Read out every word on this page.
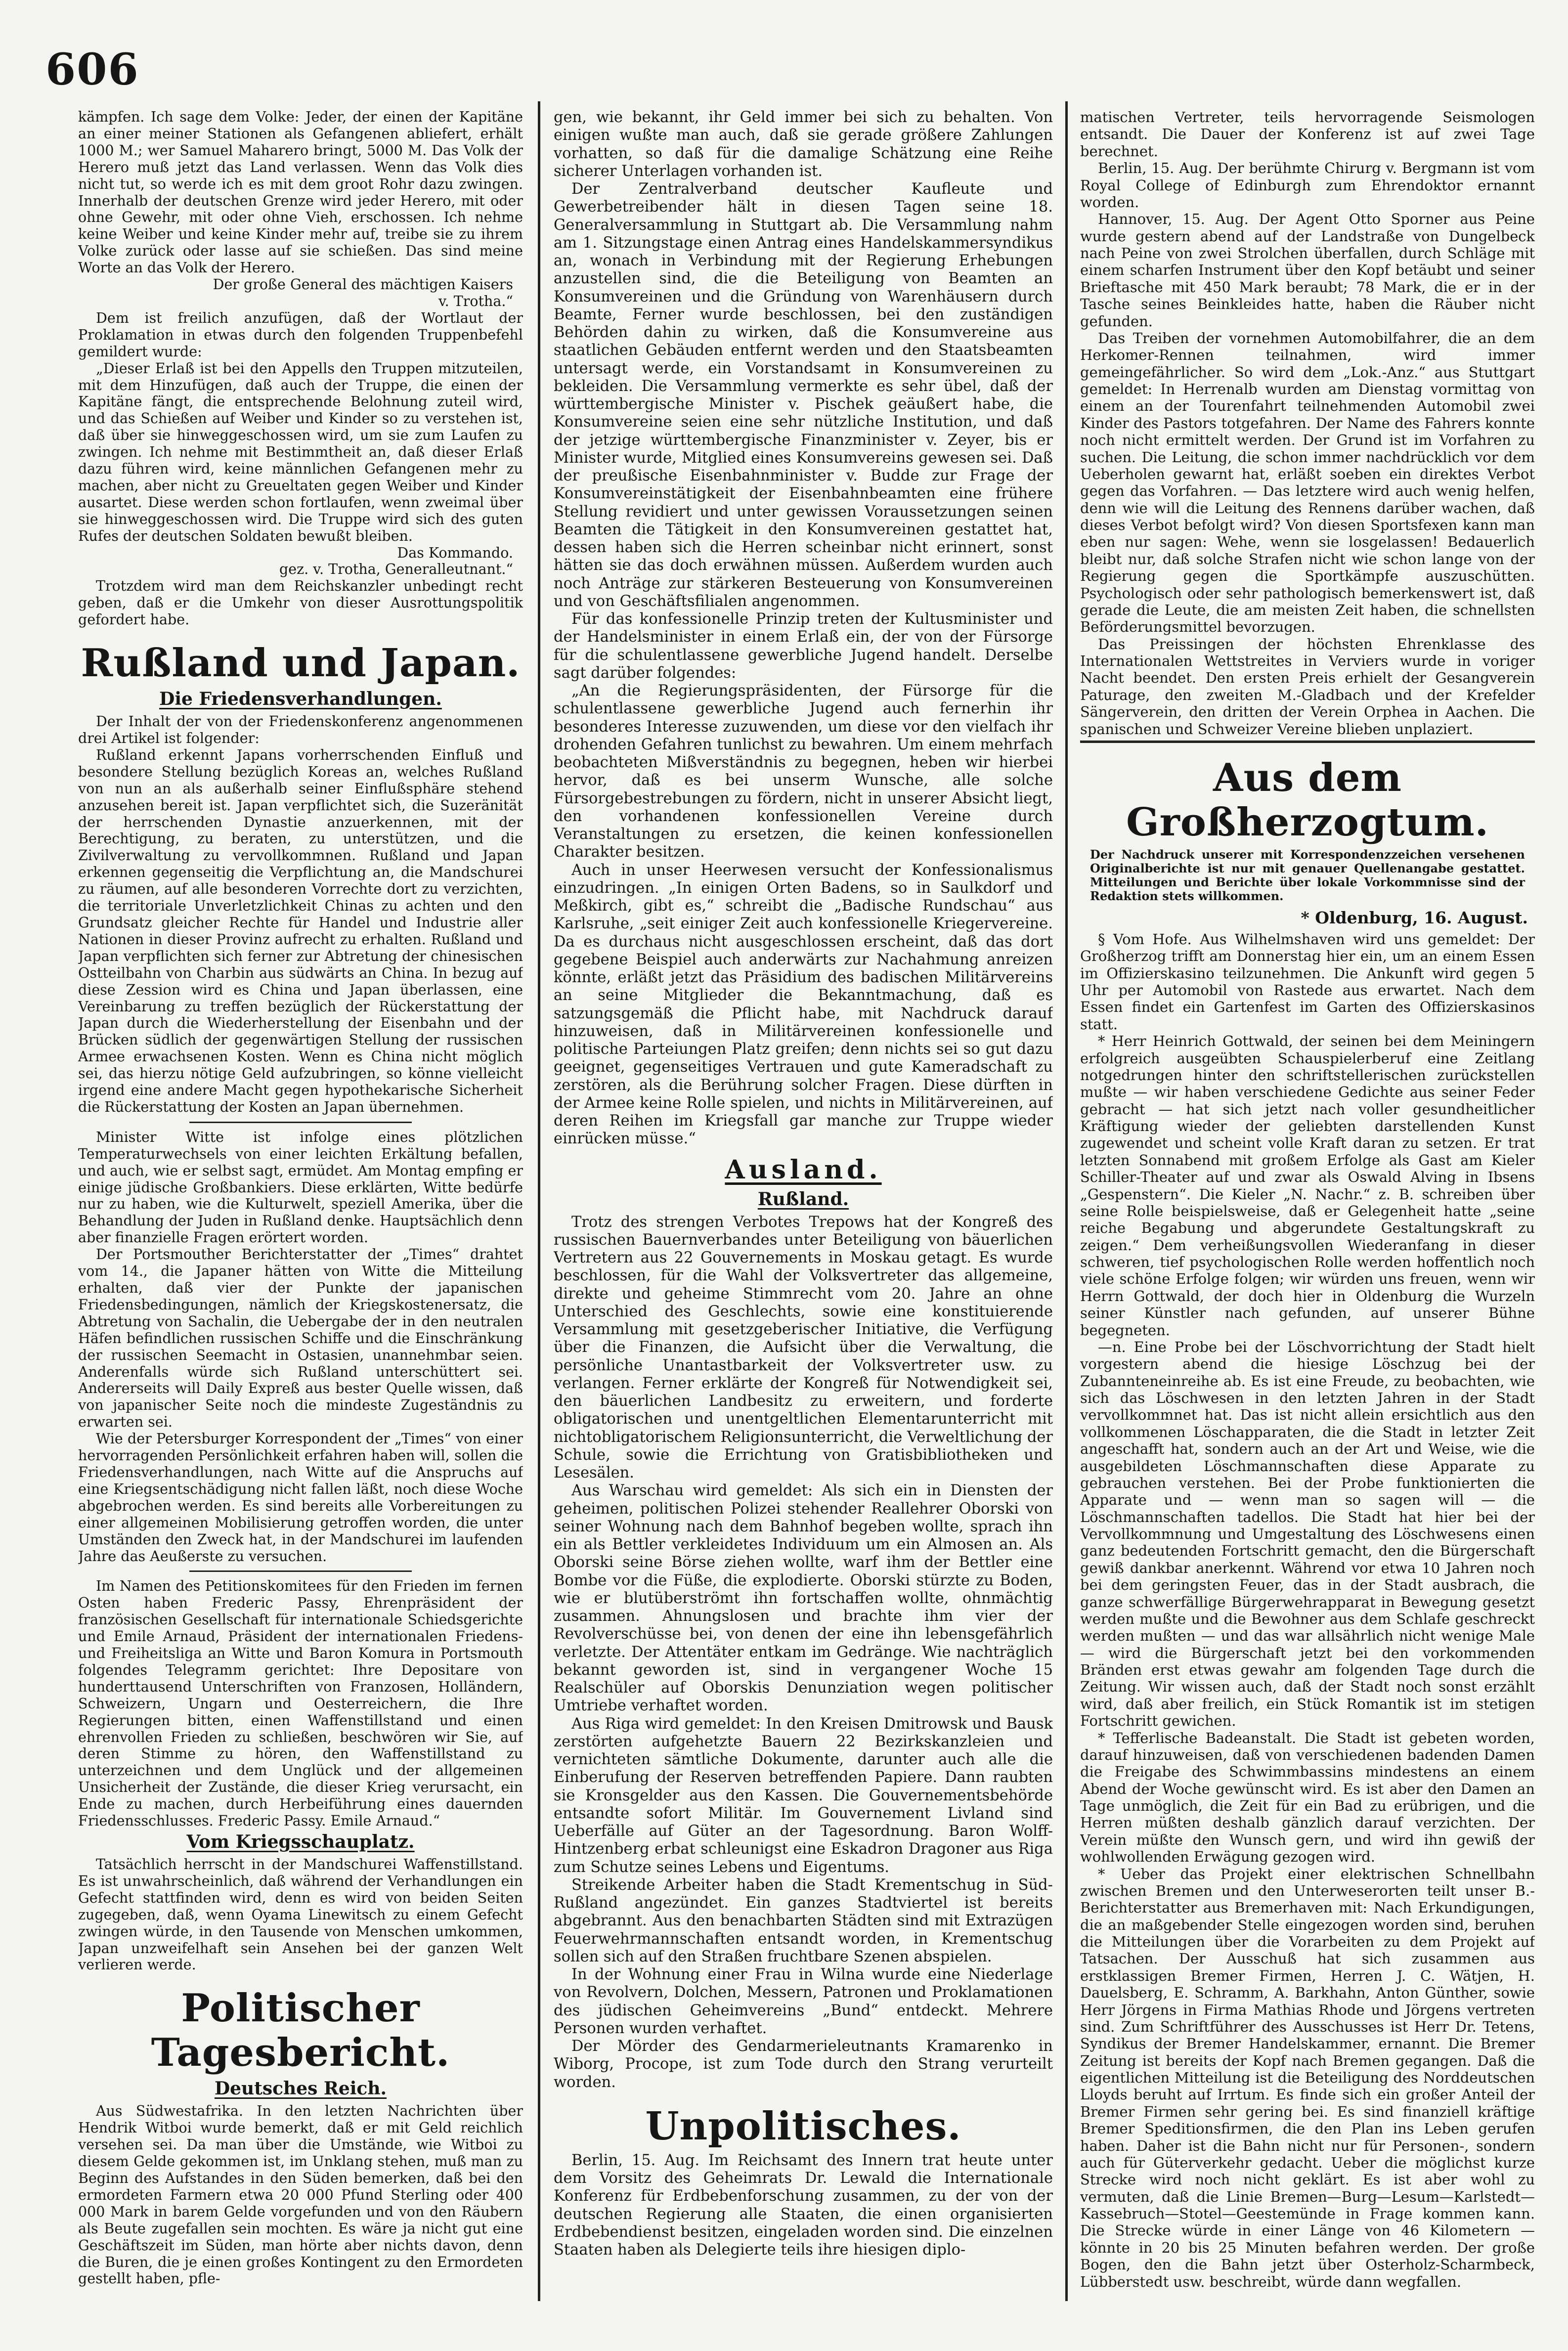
606

kämpfen. Ich sage dem Volke: Jeder, der einen der Kapitäne an einer meiner Stationen als Gefangenen abliefert, erhält 1000 M.; wer Samuel Maharero bringt, 5000 M. Das Volk der Herero muß jetzt das Land verlassen. Wenn das Volk dies nicht tut, so werde ich es mit dem groot Rohr dazu zwingen. Innerhalb der deutschen Grenze wird jeder Herero, mit oder ohne Gewehr, mit oder ohne Vieh, erschossen. Ich nehme keine Weiber und keine Kinder mehr auf, treibe sie zu ihrem Volke zurück oder lasse auf sie schießen. Das sind meine Worte an das Volk der Herero.

Der große General des mächtigen Kaisers

v. Trotha.“

Dem ist freilich anzufügen, daß der Wortlaut der Proklamation in etwas durch den folgenden Truppenbefehl gemildert wurde:

„Dieser Erlaß ist bei den Appells den Truppen mitzuteilen, mit dem Hinzufügen, daß auch der Truppe, die einen der Kapitäne fängt, die entsprechende Belohnung zuteil wird, und das Schießen auf Weiber und Kinder so zu verstehen ist, daß über sie hinweggeschossen wird, um sie zum Laufen zu zwingen. Ich nehme mit Bestimmtheit an, daß dieser Erlaß dazu führen wird, keine männlichen Gefangenen mehr zu machen, aber nicht zu Greueltaten gegen Weiber und Kinder ausartet. Diese werden schon fortlaufen, wenn zweimal über sie hinweggeschossen wird. Die Truppe wird sich des guten Rufes der deutschen Soldaten bewußt bleiben.

Das Kommando.

gez. v. Trotha, Generalleutnant.“

Trotzdem wird man dem Reichskanzler unbedingt recht geben, daß er die Umkehr von dieser Ausrottungspolitik gefordert habe.

Rußland und Japan.
Die Friedensverhandlungen.

Der Inhalt der von der Friedenskonferenz angenommenen drei Artikel ist folgender:

Rußland erkennt Japans vorherrschenden Einfluß und besondere Stellung bezüglich Koreas an, welches Rußland von nun an als außerhalb seiner Einflußsphäre stehend anzusehen bereit ist. Japan verpflichtet sich, die Suzeränität der herrschenden Dynastie anzuerkennen, mit der Berechtigung, zu beraten, zu unterstützen, und die Zivilverwaltung zu vervollkommnen. Rußland und Japan erkennen gegenseitig die Verpflichtung an, die Mandschurei zu räumen, auf alle besonderen Vorrechte dort zu verzichten, die territoriale Unverletzlichkeit Chinas zu achten und den Grundsatz gleicher Rechte für Handel und Industrie aller Nationen in dieser Provinz aufrecht zu erhalten. Rußland und Japan verpflichten sich ferner zur Abtretung der chinesischen Ostteilbahn von Charbin aus südwärts an China. In bezug auf diese Zession wird es China und Japan überlassen, eine Vereinbarung zu treffen bezüglich der Rückerstattung der Japan durch die Wiederherstellung der Eisenbahn und der Brücken südlich der gegenwärtigen Stellung der russischen Armee erwachsenen Kosten. Wenn es China nicht möglich sei, das hierzu nötige Geld aufzubringen, so könne vielleicht irgend eine andere Macht gegen hypothekarische Sicherheit die Rückerstattung der Kosten an Japan übernehmen.

Minister Witte ist infolge eines plötzlichen Temperaturwechsels von einer leichten Erkältung befallen, und auch, wie er selbst sagt, ermüdet. Am Montag empfing er einige jüdische Großbankiers. Diese erklärten, Witte bedürfe nur zu haben, wie die Kulturwelt, speziell Amerika, über die Behandlung der Juden in Rußland denke. Hauptsächlich denn aber finanzielle Fragen erörtert worden.

Der Portsmouther Berichterstatter der „Times“ drahtet vom 14., die Japaner hätten von Witte die Mitteilung erhalten, daß vier der Punkte der japanischen Friedensbedingungen, nämlich der Kriegskostenersatz, die Abtretung von Sachalin, die Uebergabe der in den neutralen Häfen befindlichen russischen Schiffe und die Einschränkung der russischen Seemacht in Ostasien, unannehmbar seien. Anderenfalls würde sich Rußland unterschüttert sei. Andererseits will Daily Expreß aus bester Quelle wissen, daß von japanischer Seite noch die mindeste Zugeständnis zu erwarten sei.

Wie der Petersburger Korrespondent der „Times“ von einer hervorragenden Persönlichkeit erfahren haben will, sollen die Friedensverhandlungen, nach Witte auf die Anspruchs auf eine Kriegsentschädigung nicht fallen läßt, noch diese Woche abgebrochen werden. Es sind bereits alle Vorbereitungen zu einer allgemeinen Mobilisierung getroffen worden, die unter Umständen den Zweck hat, in der Mandschurei im laufenden Jahre das Aeußerste zu versuchen.

Im Namen des Petitionskomitees für den Frieden im fernen Osten haben Frederic Passy, Ehrenpräsident der französischen Gesellschaft für internationale Schiedsgerichte und Emile Arnaud, Präsident der internationalen Friedens- und Freiheitsliga an Witte und Baron Komura in Portsmouth folgendes Telegramm gerichtet: Ihre Depositare von hunderttausend Unterschriften von Franzosen, Holländern, Schweizern, Ungarn und Oesterreichern, die Ihre Regierungen bitten, einen Waffenstillstand und einen ehrenvollen Frieden zu schließen, beschwören wir Sie, auf deren Stimme zu hören, den Waffenstillstand zu unterzeichnen und dem Unglück und der allgemeinen Unsicherheit der Zustände, die dieser Krieg verursacht, ein Ende zu machen, durch Herbeiführung eines dauernden Friedensschlusses. Frederic Passy. Emile Arnaud.“

Vom Kriegsschauplatz.

Tatsächlich herrscht in der Mandschurei Waffenstillstand. Es ist unwahrscheinlich, daß während der Verhandlungen ein Gefecht stattfinden wird, denn es wird von beiden Seiten zugegeben, daß, wenn Oyama Linewitsch zu einem Gefecht zwingen würde, in den Tausende von Menschen umkommen, Japan unzweifelhaft sein Ansehen bei der ganzen Welt verlieren werde.

Politischer Tagesbericht.
Deutsches Reich.

Aus Südwestafrika. In den letzten Nachrichten über Hendrik Witboi wurde bemerkt, daß er mit Geld reichlich versehen sei. Da man über die Umstände, wie Witboi zu diesem Gelde gekommen ist, im Unklang stehen, muß man zu Beginn des Aufstandes in den Süden bemerken, daß bei den ermordeten Farmern etwa 20 000 Pfund Sterling oder 400 000 Mark in barem Gelde vorgefunden und von den Räubern als Beute zugefallen sein mochten. Es wäre ja nicht gut eine Geschäftszeit im Süden, man hörte aber nichts davon, denn die Buren, die je einen großes Kontingent zu den Ermordeten gestellt haben, pfle-

gen, wie bekannt, ihr Geld immer bei sich zu behalten. Von einigen wußte man auch, daß sie gerade größere Zahlungen vorhatten, so daß für die damalige Schätzung eine Reihe sicherer Unterlagen vorhanden ist.

Der Zentralverband deutscher Kaufleute und Gewerbetreibender hält in diesen Tagen seine 18. Generalversammlung in Stuttgart ab. Die Versammlung nahm am 1. Sitzungstage einen Antrag eines Handelskammersyndikus an, wonach in Verbindung mit der Regierung Erhebungen anzustellen sind, die die Beteiligung von Beamten an Konsumvereinen und die Gründung von Warenhäusern durch Beamte, Ferner wurde beschlossen, bei den zuständigen Behörden dahin zu wirken, daß die Konsumvereine aus staatlichen Gebäuden entfernt werden und den Staatsbeamten untersagt werde, ein Vorstandsamt in Konsumvereinen zu bekleiden. Die Versammlung vermerkte es sehr übel, daß der württembergische Minister v. Pischek geäußert habe, die Konsumvereine seien eine sehr nützliche Institution, und daß der jetzige württembergische Finanzminister v. Zeyer, bis er Minister wurde, Mitglied eines Konsumvereins gewesen sei. Daß der preußische Eisenbahnminister v. Budde zur Frage der Konsumvereinstätigkeit der Eisenbahnbeamten eine frühere Stellung revidiert und unter gewissen Voraussetzungen seinen Beamten die Tätigkeit in den Konsumvereinen gestattet hat, dessen haben sich die Herren scheinbar nicht erinnert, sonst hätten sie das doch erwähnen müssen. Außerdem wurden auch noch Anträge zur stärkeren Besteuerung von Konsumvereinen und von Geschäftsfilialen angenommen.

Für das konfessionelle Prinzip treten der Kultusminister und der Handelsminister in einem Erlaß ein, der von der Fürsorge für die schulentlassene gewerbliche Jugend handelt. Derselbe sagt darüber folgendes:

„An die Regierungspräsidenten, der Fürsorge für die schulentlassene gewerbliche Jugend auch fernerhin ihr besonderes Interesse zuzuwenden, um diese vor den vielfach ihr drohenden Gefahren tunlichst zu bewahren. Um einem mehrfach beobachteten Mißverständnis zu begegnen, heben wir hierbei hervor, daß es bei unserm Wunsche, alle solche Fürsorgebestrebungen zu fördern, nicht in unserer Absicht liegt, den vorhandenen konfessionellen Vereine durch Veranstaltungen zu ersetzen, die keinen konfessionellen Charakter besitzen.

Auch in unser Heerwesen versucht der Konfessionalismus einzudringen. „In einigen Orten Badens, so in Saulkdorf und Meßkirch, gibt es,“ schreibt die „Badische Rundschau“ aus Karlsruhe, „seit einiger Zeit auch konfessionelle Kriegervereine. Da es durchaus nicht ausgeschlossen erscheint, daß das dort gegebene Beispiel auch anderwärts zur Nachahmung anreizen könnte, erläßt jetzt das Präsidium des badischen Militärvereins an seine Mitglieder die Bekanntmachung, daß es satzungsgemäß die Pflicht habe, mit Nachdruck darauf hinzuweisen, daß in Militärvereinen konfessionelle und politische Parteiungen Platz greifen; denn nichts sei so gut dazu geeignet, gegenseitiges Vertrauen und gute Kameradschaft zu zerstören, als die Berührung solcher Fragen. Diese dürften in der Armee keine Rolle spielen, und nichts in Militärvereinen, auf deren Reihen im Kriegsfall gar manche zur Truppe wieder einrücken müsse.“

Ausland.
Rußland.

Trotz des strengen Verbotes Trepows hat der Kongreß des russischen Bauernverbandes unter Beteiligung von bäuerlichen Vertretern aus 22 Gouvernements in Moskau getagt. Es wurde beschlossen, für die Wahl der Volksvertreter das allgemeine, direkte und geheime Stimmrecht vom 20. Jahre an ohne Unterschied des Geschlechts, sowie eine konstituierende Versammlung mit gesetzgeberischer Initiative, die Verfügung über die Finanzen, die Aufsicht über die Verwaltung, die persönliche Unantastbarkeit der Volksvertreter usw. zu verlangen. Ferner erklärte der Kongreß für Notwendigkeit sei, den bäuerlichen Landbesitz zu erweitern, und forderte obligatorischen und unentgeltlichen Elementarunterricht mit nichtobligatorischem Religionsunterricht, die Verweltlichung der Schule, sowie die Errichtung von Gratisbibliotheken und Lesesälen.

Aus Warschau wird gemeldet: Als sich ein in Diensten der geheimen, politischen Polizei stehender Reallehrer Oborski von seiner Wohnung nach dem Bahnhof begeben wollte, sprach ihn ein als Bettler verkleidetes Individuum um ein Almosen an. Als Oborski seine Börse ziehen wollte, warf ihm der Bettler eine Bombe vor die Füße, die explodierte. Oborski stürzte zu Boden, wie er blutüberströmt ihn fortschaffen wollte, ohnmächtig zusammen. Ahnungslosen und brachte ihm vier der Revolverschüsse bei, von denen der eine ihn lebensgefährlich verletzte. Der Attentäter entkam im Gedränge. Wie nachträglich bekannt geworden ist, sind in vergangener Woche 15 Realschüler auf Oborskis Denunziation wegen politischer Umtriebe verhaftet worden.

Aus Riga wird gemeldet: In den Kreisen Dmitrowsk und Bausk zerstörten aufgehetzte Bauern 22 Bezirkskanzleien und vernichteten sämtliche Dokumente, darunter auch alle die Einberufung der Reserven betreffenden Papiere. Dann raubten sie Kronsgelder aus den Kassen. Die Gouvernementsbehörde entsandte sofort Militär. Im Gouvernement Livland sind Ueberfälle auf Güter an der Tagesordnung. Baron Wolff-Hintzenberg erbat schleunigst eine Eskadron Dragoner aus Riga zum Schutze seines Lebens und Eigentums.

Streikende Arbeiter haben die Stadt Krementschug in Süd-Rußland angezündet. Ein ganzes Stadtviertel ist bereits abgebrannt. Aus den benachbarten Städten sind mit Extrazügen Feuerwehrmannschaften entsandt worden, in Krementschug sollen sich auf den Straßen fruchtbare Szenen abspielen.

In der Wohnung einer Frau in Wilna wurde eine Niederlage von Revolvern, Dolchen, Messern, Patronen und Proklamationen des jüdischen Geheimvereins „Bund“ entdeckt. Mehrere Personen wurden verhaftet.

Der Mörder des Gendarmerieleutnants Kramarenko in Wiborg, Procope, ist zum Tode durch den Strang verurteilt worden.

Unpolitisches.

Berlin, 15. Aug. Im Reichsamt des Innern trat heute unter dem Vorsitz des Geheimrats Dr. Lewald die Internationale Konferenz für Erdbebenforschung zusammen, zu der von der deutschen Regierung alle Staaten, die einen organisierten Erdbebendienst besitzen, eingeladen worden sind. Die einzelnen Staaten haben als Delegierte teils ihre hiesigen diplo-

matischen Vertreter, teils hervorragende Seismologen entsandt. Die Dauer der Konferenz ist auf zwei Tage berechnet.

Berlin, 15. Aug. Der berühmte Chirurg v. Bergmann ist vom Royal College of Edinburgh zum Ehrendoktor ernannt worden.

Hannover, 15. Aug. Der Agent Otto Sporner aus Peine wurde gestern abend auf der Landstraße von Dungelbeck nach Peine von zwei Strolchen überfallen, durch Schläge mit einem scharfen Instrument über den Kopf betäubt und seiner Brieftasche mit 450 Mark beraubt; 78 Mark, die er in der Tasche seines Beinkleides hatte, haben die Räuber nicht gefunden.

Das Treiben der vornehmen Automobilfahrer, die an dem Herkomer-Rennen teilnahmen, wird immer gemeingefährlicher. So wird dem „Lok.-Anz.“ aus Stuttgart gemeldet: In Herrenalb wurden am Dienstag vormittag von einem an der Tourenfahrt teilnehmenden Automobil zwei Kinder des Pastors totgefahren. Der Name des Fahrers konnte noch nicht ermittelt werden. Der Grund ist im Vorfahren zu suchen. Die Leitung, die schon immer nachdrücklich vor dem Ueberholen gewarnt hat, erläßt soeben ein direktes Verbot gegen das Vorfahren. — Das letztere wird auch wenig helfen, denn wie will die Leitung des Rennens darüber wachen, daß dieses Verbot befolgt wird? Von diesen Sportsfexen kann man eben nur sagen: Wehe, wenn sie losgelassen! Bedauerlich bleibt nur, daß solche Strafen nicht wie schon lange von der Regierung gegen die Sportkämpfe auszuschütten. Psychologisch oder sehr pathologisch bemerkenswert ist, daß gerade die Leute, die am meisten Zeit haben, die schnellsten Beförderungsmittel bevorzugen.

Das Preissingen der höchsten Ehrenklasse des Internationalen Wettstreites in Verviers wurde in voriger Nacht beendet. Den ersten Preis erhielt der Gesangverein Paturage, den zweiten M.-Gladbach und der Krefelder Sängerverein, den dritten der Verein Orphea in Aachen. Die spanischen und Schweizer Vereine blieben unplaziert.

Aus dem Großherzogtum.

Der Nachdruck unserer mit Korrespondenzzeichen versehenen Originalberichte ist nur mit genauer Quellenangabe gestattet. Mitteilungen und Berichte über lokale Vorkommnisse sind der Redaktion stets willkommen.

* Oldenburg, 16. August.

§ Vom Hofe. Aus Wilhelmshaven wird uns gemeldet: Der Großherzog trifft am Donnerstag hier ein, um an einem Essen im Offizierskasino teilzunehmen. Die Ankunft wird gegen 5 Uhr per Automobil von Rastede aus erwartet. Nach dem Essen findet ein Gartenfest im Garten des Offizierskasinos statt.

* Herr Heinrich Gottwald, der seinen bei dem Meiningern erfolgreich ausgeübten Schauspielerberuf eine Zeitlang notgedrungen hinter den schriftstellerischen zurückstellen mußte — wir haben verschiedene Gedichte aus seiner Feder gebracht — hat sich jetzt nach voller gesundheitlicher Kräftigung wieder der geliebten darstellenden Kunst zugewendet und scheint volle Kraft daran zu setzen. Er trat letzten Sonnabend mit großem Erfolge als Gast am Kieler Schiller-Theater auf und zwar als Oswald Alving in Ibsens „Gespenstern“. Die Kieler „N. Nachr.“ z. B. schreiben über seine Rolle beispielsweise, daß er Gelegenheit hatte „seine reiche Begabung und abgerundete Gestaltungskraft zu zeigen.“ Dem verheißungsvollen Wiederanfang in dieser schweren, tief psychologischen Rolle werden hoffentlich noch viele schöne Erfolge folgen; wir würden uns freuen, wenn wir Herrn Gottwald, der doch hier in Oldenburg die Wurzeln seiner Künstler nach gefunden, auf unserer Bühne begegneten.

—n. Eine Probe bei der Löschvorrichtung der Stadt hielt vorgestern abend die hiesige Löschzug bei der Zubannteneinreihe ab. Es ist eine Freude, zu beobachten, wie sich das Löschwesen in den letzten Jahren in der Stadt vervollkommnet hat. Das ist nicht allein ersichtlich aus den vollkommenen Löschapparaten, die die Stadt in letzter Zeit angeschafft hat, sondern auch an der Art und Weise, wie die ausgebildeten Löschmannschaften diese Apparate zu gebrauchen verstehen. Bei der Probe funktionierten die Apparate und — wenn man so sagen will — die Löschmannschaften tadellos. Die Stadt hat hier bei der Vervollkommnung und Umgestaltung des Löschwesens einen ganz bedeutenden Fortschritt gemacht, den die Bürgerschaft gewiß dankbar anerkennt. Während vor etwa 10 Jahren noch bei dem geringsten Feuer, das in der Stadt ausbrach, die ganze schwerfällige Bürgerwehrapparat in Bewegung gesetzt werden mußte und die Bewohner aus dem Schlafe geschreckt werden mußten — und das war allsährlich nicht wenige Male — wird die Bürgerschaft jetzt bei den vorkommenden Bränden erst etwas gewahr am folgenden Tage durch die Zeitung. Wir wissen auch, daß der Stadt noch sonst erzählt wird, daß aber freilich, ein Stück Romantik ist im stetigen Fortschritt gewichen.

* Tefferlische Badeanstalt. Die Stadt ist gebeten worden, darauf hinzuweisen, daß von verschiedenen badenden Damen die Freigabe des Schwimmbassins mindestens an einem Abend der Woche gewünscht wird. Es ist aber den Damen an Tage unmöglich, die Zeit für ein Bad zu erübrigen, und die Herren müßten deshalb gänzlich darauf verzichten. Der Verein müßte den Wunsch gern, und wird ihn gewiß der wohlwollenden Erwägung gezogen wird.

* Ueber das Projekt einer elektrischen Schnellbahn zwischen Bremen und den Unterweserorten teilt unser B.-Berichterstatter aus Bremerhaven mit: Nach Erkundigungen, die an maßgebender Stelle eingezogen worden sind, beruhen die Mitteilungen über die Vorarbeiten zu dem Projekt auf Tatsachen. Der Ausschuß hat sich zusammen aus erstklassigen Bremer Firmen, Herren J. C. Wätjen, H. Dauelsberg, E. Schramm, A. Barkhahn, Anton Günther, sowie Herr Jörgens in Firma Mathias Rhode und Jörgens vertreten sind. Zum Schriftführer des Ausschusses ist Herr Dr. Tetens, Syndikus der Bremer Handelskammer, ernannt. Die Bremer Zeitung ist bereits der Kopf nach Bremen gegangen. Daß die eigentlichen Mitteilung ist die Beteiligung des Norddeutschen Lloyds beruht auf Irrtum. Es finde sich ein großer Anteil der Bremer Firmen sehr gering bei. Es sind finanziell kräftige Bremer Speditionsfirmen, die den Plan ins Leben gerufen haben. Daher ist die Bahn nicht nur für Personen-, sondern auch für Güterverkehr gedacht. Ueber die möglichst kurze Strecke wird noch nicht geklärt. Es ist aber wohl zu vermuten, daß die Linie Bremen—Burg—Lesum—Karlstedt—Kassebruch—Stotel—Geestemünde in Frage kommen kann. Die Strecke würde in einer Länge von 46 Kilometern — könnte in 20 bis 25 Minuten befahren werden. Der große Bogen, den die Bahn jetzt über Osterholz-Scharmbeck, Lübberstedt usw. beschreibt, würde dann wegfallen.
